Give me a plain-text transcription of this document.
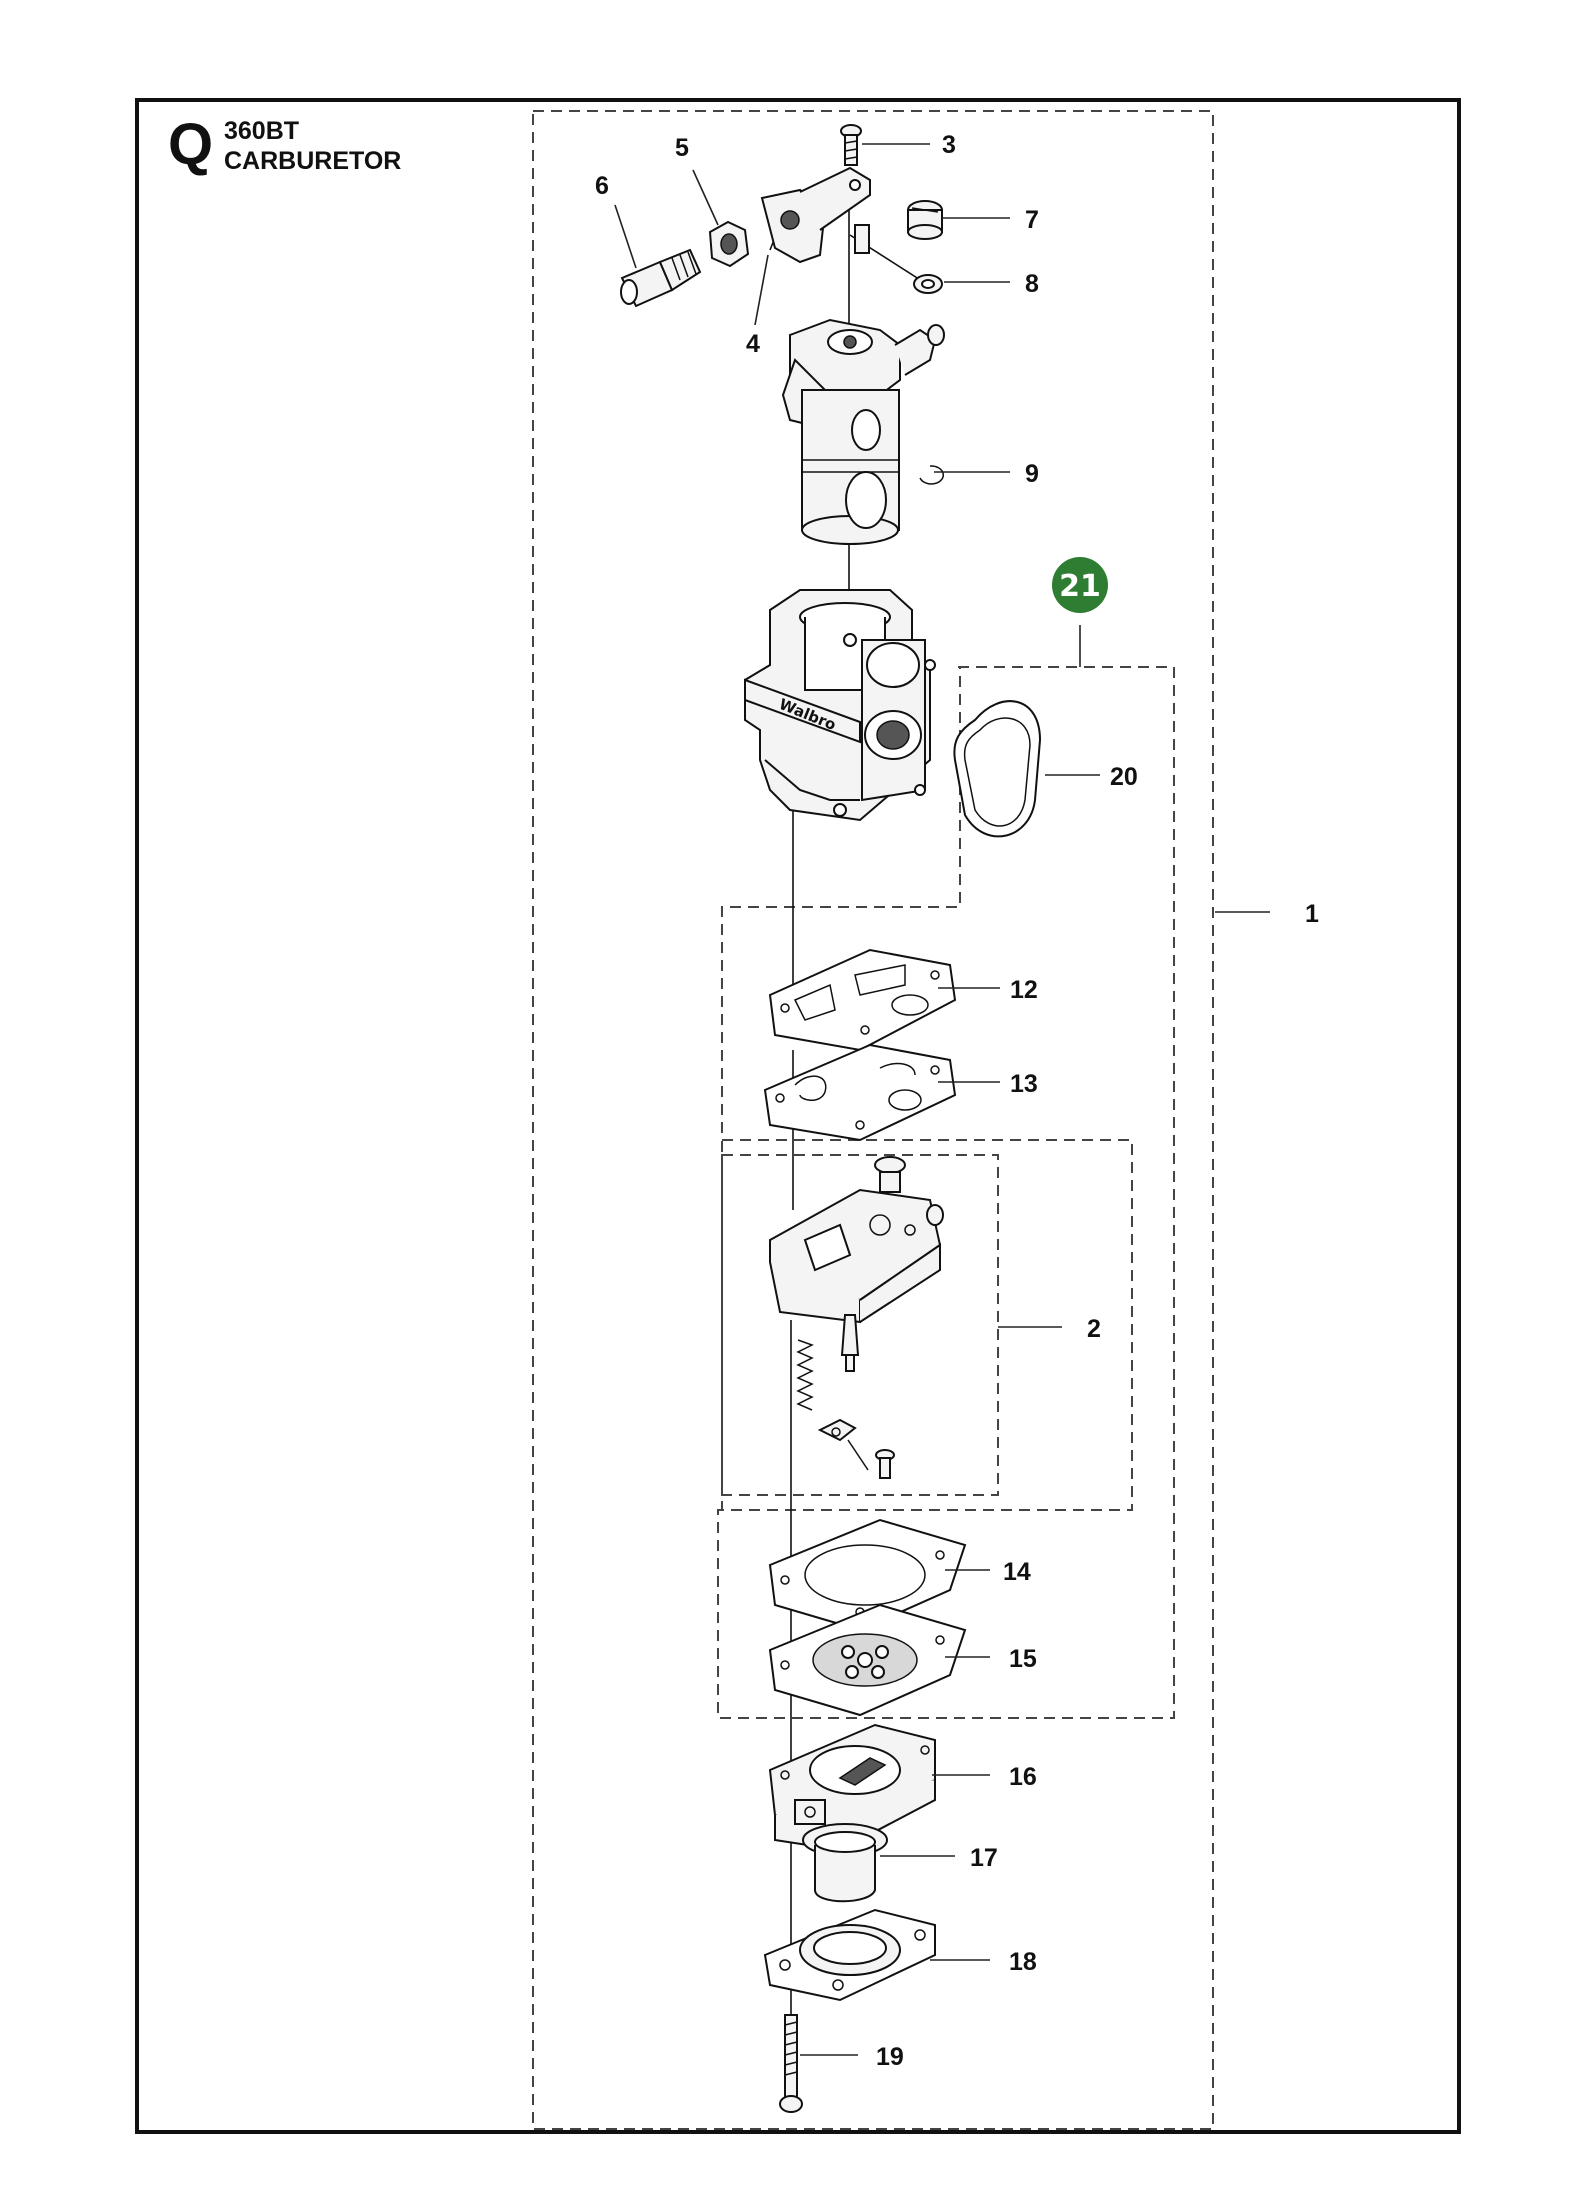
Q 360BT
CARBURETOR
Walbro
21
1
2
3
4
5
6
7
8
9
12
13
14
15
16
17
18
19
20
